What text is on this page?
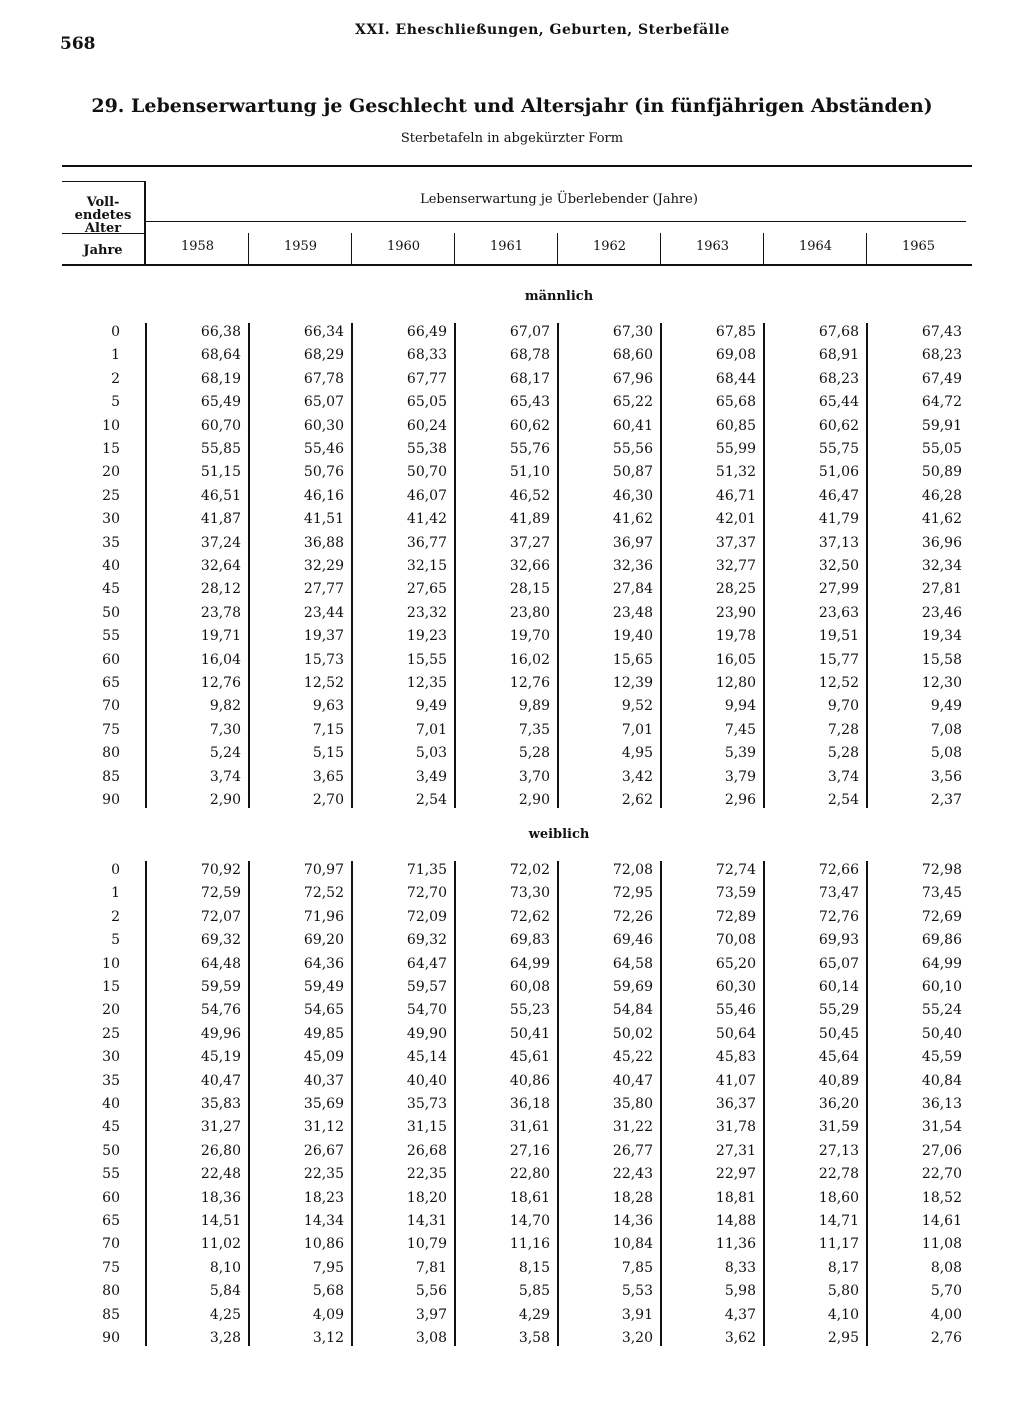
568
XXI. Eheschließungen, Geburten, Sterbefälle
29. Lebenserwartung je Geschlecht und Altersjahr (in fünfjährigen Abständen)
Sterbetafeln in abgekürzter Form
Voll-
endetes
Alter
Jahre
Lebenserwartung je Überlebender (Jahre)
1958	1959	1960	1961	1962	1963	1964	1965
männlich
0	66,38	66,34	66,49	67,07	67,30	67,85	67,68	67,43
1	68,64	68,29	68,33	68,78	68,60	69,08	68,91	68,23
2	68,19	67,78	67,77	68,17	67,96	68,44	68,23	67,49
5	65,49	65,07	65,05	65,43	65,22	65,68	65,44	64,72
10	60,70	60,30	60,24	60,62	60,41	60,85	60,62	59,91
15	55,85	55,46	55,38	55,76	55,56	55,99	55,75	55,05
20	51,15	50,76	50,70	51,10	50,87	51,32	51,06	50,89
25	46,51	46,16	46,07	46,52	46,30	46,71	46,47	46,28
30	41,87	41,51	41,42	41,89	41,62	42,01	41,79	41,62
35	37,24	36,88	36,77	37,27	36,97	37,37	37,13	36,96
40	32,64	32,29	32,15	32,66	32,36	32,77	32,50	32,34
45	28,12	27,77	27,65	28,15	27,84	28,25	27,99	27,81
50	23,78	23,44	23,32	23,80	23,48	23,90	23,63	23,46
55	19,71	19,37	19,23	19,70	19,40	19,78	19,51	19,34
60	16,04	15,73	15,55	16,02	15,65	16,05	15,77	15,58
65	12,76	12,52	12,35	12,76	12,39	12,80	12,52	12,30
70	9,82	9,63	9,49	9,89	9,52	9,94	9,70	9,49
75	7,30	7,15	7,01	7,35	7,01	7,45	7,28	7,08
80	5,24	5,15	5,03	5,28	4,95	5,39	5,28	5,08
85	3,74	3,65	3,49	3,70	3,42	3,79	3,74	3,56
90	2,90	2,70	2,54	2,90	2,62	2,96	2,54	2,37
weiblich
0	70,92	70,97	71,35	72,02	72,08	72,74	72,66	72,98
1	72,59	72,52	72,70	73,30	72,95	73,59	73,47	73,45
2	72,07	71,96	72,09	72,62	72,26	72,89	72,76	72,69
5	69,32	69,20	69,32	69,83	69,46	70,08	69,93	69,86
10	64,48	64,36	64,47	64,99	64,58	65,20	65,07	64,99
15	59,59	59,49	59,57	60,08	59,69	60,30	60,14	60,10
20	54,76	54,65	54,70	55,23	54,84	55,46	55,29	55,24
25	49,96	49,85	49,90	50,41	50,02	50,64	50,45	50,40
30	45,19	45,09	45,14	45,61	45,22	45,83	45,64	45,59
35	40,47	40,37	40,40	40,86	40,47	41,07	40,89	40,84
40	35,83	35,69	35,73	36,18	35,80	36,37	36,20	36,13
45	31,27	31,12	31,15	31,61	31,22	31,78	31,59	31,54
50	26,80	26,67	26,68	27,16	26,77	27,31	27,13	27,06
55	22,48	22,35	22,35	22,80	22,43	22,97	22,78	22,70
60	18,36	18,23	18,20	18,61	18,28	18,81	18,60	18,52
65	14,51	14,34	14,31	14,70	14,36	14,88	14,71	14,61
70	11,02	10,86	10,79	11,16	10,84	11,36	11,17	11,08
75	8,10	7,95	7,81	8,15	7,85	8,33	8,17	8,08
80	5,84	5,68	5,56	5,85	5,53	5,98	5,80	5,70
85	4,25	4,09	3,97	4,29	3,91	4,37	4,10	4,00
90	3,28	3,12	3,08	3,58	3,20	3,62	2,95	2,76
